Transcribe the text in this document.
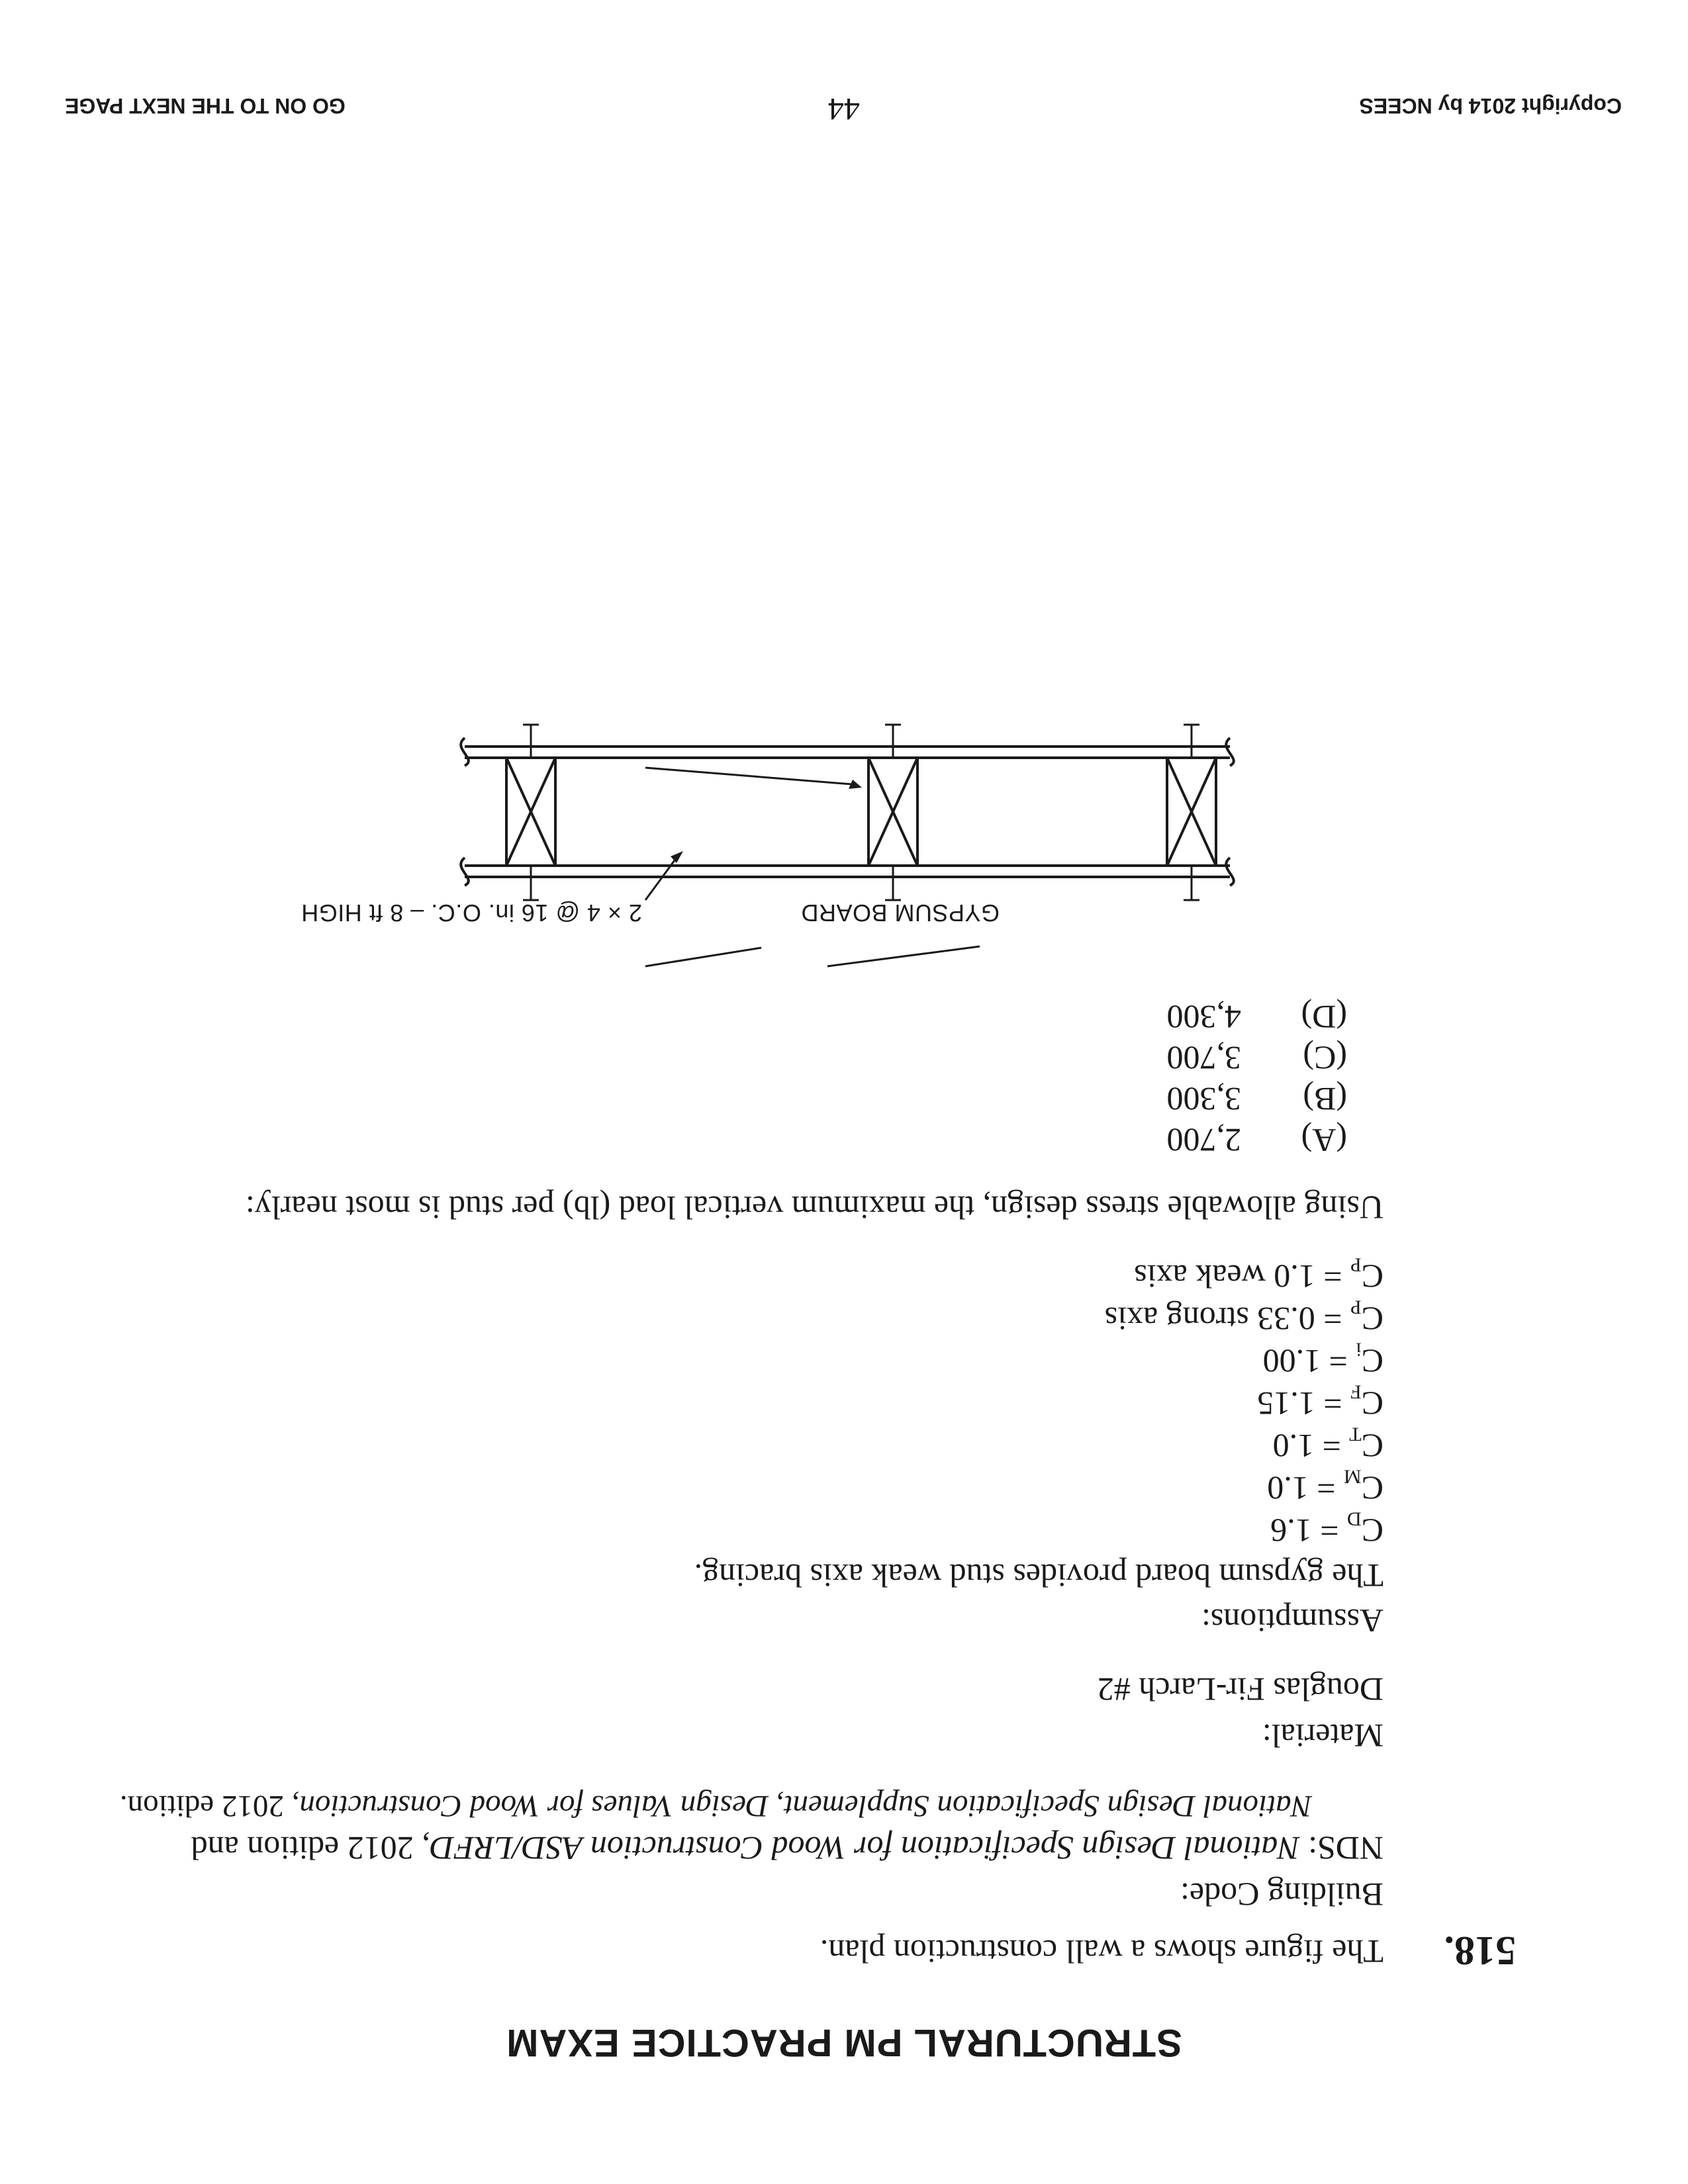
STRUCTURAL PM PRACTICE EXAM
518.
The figure shows a wall construction plan.
Building Code:
NDS: National Design Specification for Wood Construction ASD/LRFD, 2012 edition and
National Design Specification Supplement, Design Values for Wood Construction, 2012 edition.
Material:
Douglas Fir-Larch #2
Assumptions:
The gypsum board provides stud weak axis bracing.
$C_D = 1.6$
$C_M = 1.0$
$C_T = 1.0$
$C_F = 1.15$
$C_i = 1.00$
$C_P = 0.33$ strong axis
$C_P = 1.0$ weak axis
Using allowable stress design, the maximum vertical load (lb) per stud is most nearly:
(A)
2,700
(B)
3,300
(C)
3,700
(D)
4,300
2 × 4 @ 16 in. O.C. – 8 ft HIGH	GYPSUM BOARD
Copyright 2014 by NCEES
44
GO ON TO THE NEXT PAGE
